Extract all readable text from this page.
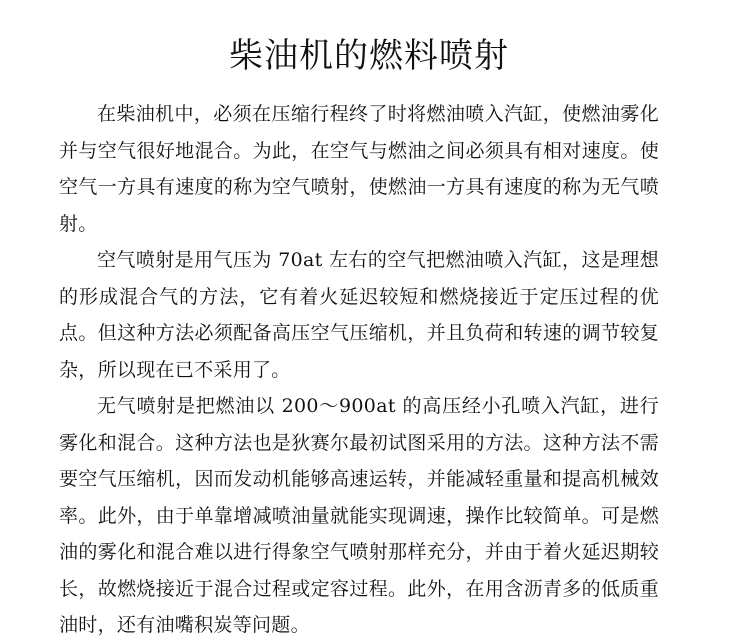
柴油机的燃料喷射

在柴油机中，必须在压缩行程终了时将燃油喷入汽缸，使燃油雾化并与空气很好地混合。为此，在空气与燃油之间必须具有相对速度。使空气一方具有速度的称为空气喷射，使燃油一方具有速度的称为无气喷射。

空气喷射是用气压为 70at 左右的空气把燃油喷入汽缸，这是理想的形成混合气的方法，它有着火延迟较短和燃烧接近于定压过程的优点。但这种方法必须配备高压空气压缩机，并且负荷和转速的调节较复杂，所以现在已不采用了。

无气喷射是把燃油以 200～900at 的高压经小孔喷入汽缸，进行雾化和混合。这种方法也是狄赛尔最初试图采用的方法。这种方法不需要空气压缩机，因而发动机能够高速运转，并能减轻重量和提高机械效率。此外，由于单靠增减喷油量就能实现调速，操作比较简单。可是燃油的雾化和混合难以进行得象空气喷射那样充分，并由于着火延迟期较长，故燃烧接近于混合过程或定容过程。此外，在用含沥青多的低质重油时，还有油嘴积炭等问题。
